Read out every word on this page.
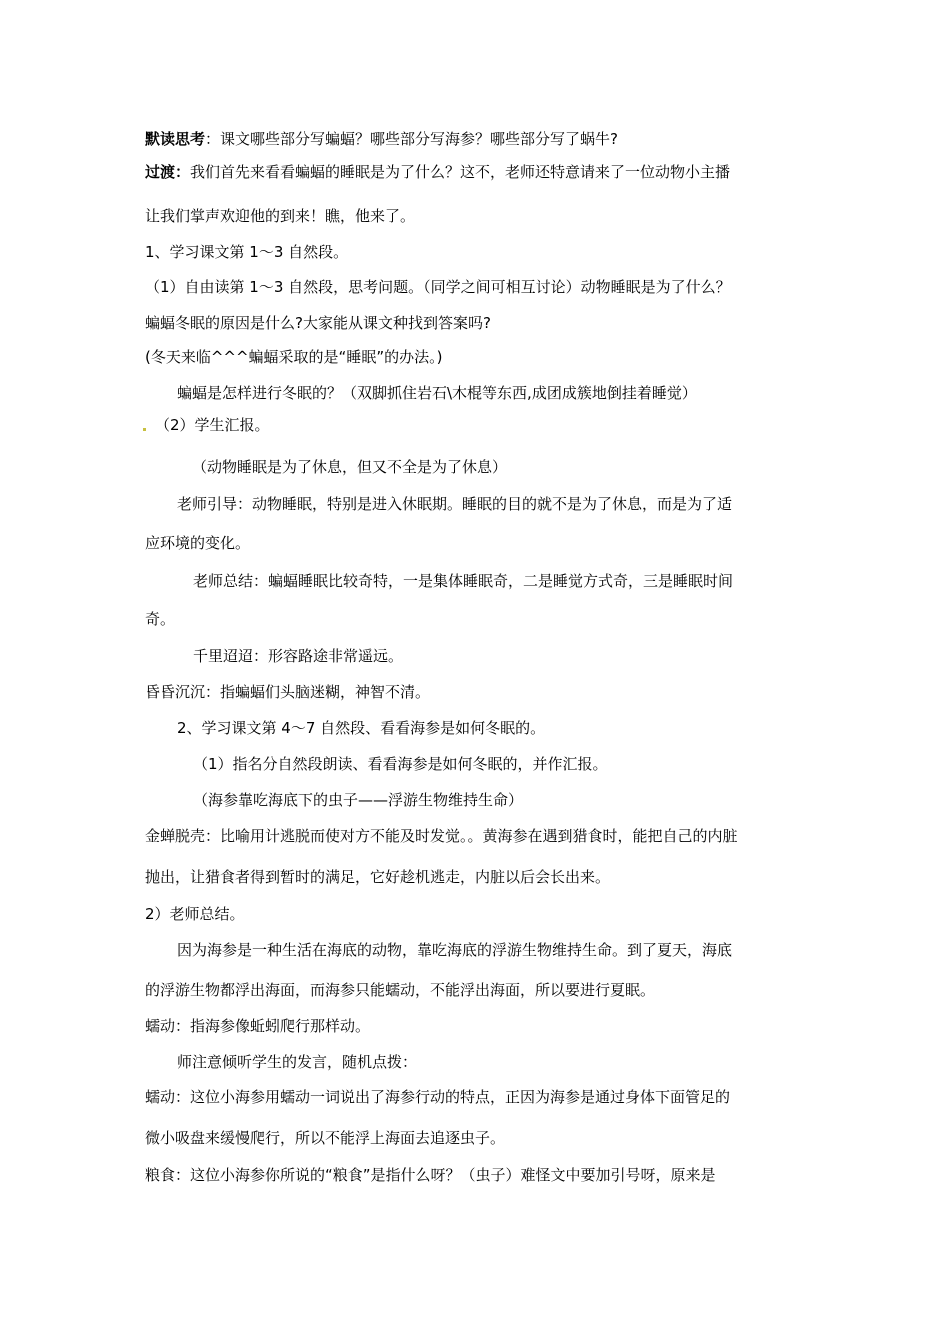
默读思考：课文哪些部分写蝙蝠？哪些部分写海参？哪些部分写了蜗牛?
过渡：我们首先来看看蝙蝠的睡眠是为了什么？这不，老师还特意请来了一位动物小主播
让我们掌声欢迎他的到来！瞧，他来了。
1、学习课文第 1～3 自然段。
（1）自由读第 1～3 自然段，思考问题。（同学之间可相互讨论）动物睡眠是为了什么？
蝙蝠冬眠的原因是什么?大家能从课文种找到答案吗?
(冬天来临^^^蝙蝠采取的是“睡眠”的办法。)
蝙蝠是怎样进行冬眠的？（双脚抓住岩石\木棍等东西,成团成簇地倒挂着睡觉）
（2）学生汇报。
（动物睡眠是为了休息，但又不全是为了休息）
老师引导：动物睡眠，特别是进入休眠期。睡眠的目的就不是为了休息，而是为了适
应环境的变化。
老师总结：蝙蝠睡眠比较奇特，一是集体睡眠奇，二是睡觉方式奇，三是睡眠时间
奇。
千里迢迢：形容路途非常遥远。
昏昏沉沉：指蝙蝠们头脑迷糊，神智不清。
2、学习课文第 4～7 自然段、看看海参是如何冬眠的。
（1）指名分自然段朗读、看看海参是如何冬眠的，并作汇报。
（海参靠吃海底下的虫子——浮游生物维持生命）
金蝉脱壳：比喻用计逃脱而使对方不能及时发觉。。黄海参在遇到猎食时，能把自己的内脏
抛出，让猎食者得到暂时的满足，它好趁机逃走，内脏以后会长出来。
2）老师总结。
因为海参是一种生活在海底的动物，靠吃海底的浮游生物维持生命。到了夏天，海底
的浮游生物都浮出海面，而海参只能蠕动，不能浮出海面，所以要进行夏眠。
蠕动：指海参像蚯蚓爬行那样动。
师注意倾听学生的发言，随机点拨：
蠕动：这位小海参用蠕动一词说出了海参行动的特点，正因为海参是通过身体下面管足的
微小吸盘来缓慢爬行，所以不能浮上海面去追逐虫子。
粮食：这位小海参你所说的“粮食”是指什么呀？（虫子）难怪文中要加引号呀，原来是
